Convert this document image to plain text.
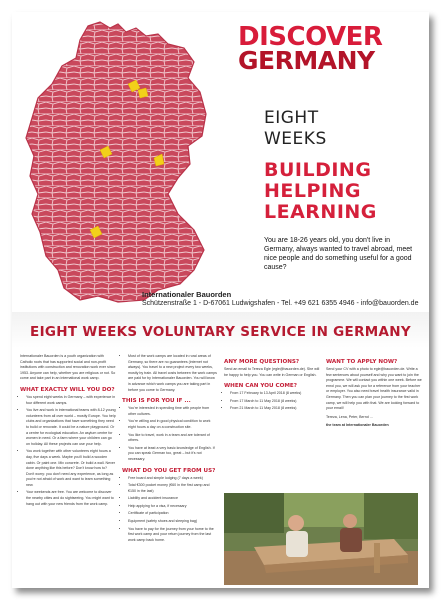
DISCOVER
GERMANY
EIGHT
WEEKS
BUILDING
HELPING
LEARNING
You are 18-26 years old, you don't live in Germany, always wanted to travel abroad, meet nice people and do something useful for a good cause?
Internationaler Bauorden
Schützenstraße 1 - D-67061 Ludwigshafen - Tel. +49 621 6355 4946 - info@bauorden.de
EIGHT WEEKS VOLUNTARY SERVICE IN GERMANY

Internationaler Bauorden is a youth organization with Catholic roots that has supported social and non-profit institutions with construction and renovation work ever since 1953. Anyone can help, whether you are religious or not. So come and take part in an international work camp.

WHAT EXACTLY WILL YOU DO?
• You spend eight weeks in Germany – with experience in four different work camps.
• You live and work in international teams with 8-12 young volunteers from all over world – mostly Europe. You help clubs and organizations that have something they need to build or renovate. It could be a nature playground. Or a centre for ecological education. An asylum centre for women in need. Or a farm where your children can go on holiday. All these projects can use your help.
• You work together with other volunteers eight hours a day, five days a week. Maybe you'll build a wooden cabin. Or paint one. Mix concrete. Or build a wall. Never done anything like this before? Don't know how to? Don't worry: you don't need any experience, as long as you're not afraid of work and want to learn something new.
• Your weekends are free. You are welcome to discover the nearby cities and do sightseeing. You might want to hang out with your new friends from the work camp.
• Most of the work camps are located in rural areas of Germany, so there are no guarantees (internet not always). You travel to a new project every two weeks, mostly by train. All travel costs between the work camps are paid for by Internationaler Bauorden. You will know in advance which work camps you are taking part in before you come to Germany.
THIS IS FOR YOU IF ...
• You're interested in spending time with people from other cultures.
• You're willing and in good physical condition to work eight hours a day on a construction site.
• You like to travel, work in a team and are tolerant of others.
• You have at least a very basic knowledge of English. If you can speak German too, great – but it's not necessary.
WHAT DO YOU GET FROM US?
• Free board and simple lodging (7 days a week)
• Total €300 pocket money (€60 in the first camp and €150 in the last)
• Liability and accident insurance
• Help applying for a visa, if necessary
• Certificate of participation
• Equipment (safety shoes and sleeping bag)
• You have to pay for the journey from your home to the first work camp and your return journey from the last work camp back home.
ANY MORE QUESTIONS?

Send an email to Tereza Egle (egle@bauorden.de). She will be happy to help you. You can write in German or English.

WHEN CAN YOU COME?
• From 17 February to 13 April 2018 (8 weeks)
• From 17 March to 11 May 2018 (8 weeks)
• From 21 March to 11 May 2018 (8 weeks)
WANT TO APPLY NOW?

Send your CV with a photo to egle@bauorden.de. Write a few sentences about yourself and why you want to join the programme. We will contact you within one week. Before we enrol you, we will ask you for a reference from your teacher or employer. You also need travel health insurance valid in Germany. Then you can plan your journey to the first work camp, we will help you with that. We are looking forward to your email!

Tereza, Lena, Peter, Bernd ...

the team at Internationaler Bauorden
